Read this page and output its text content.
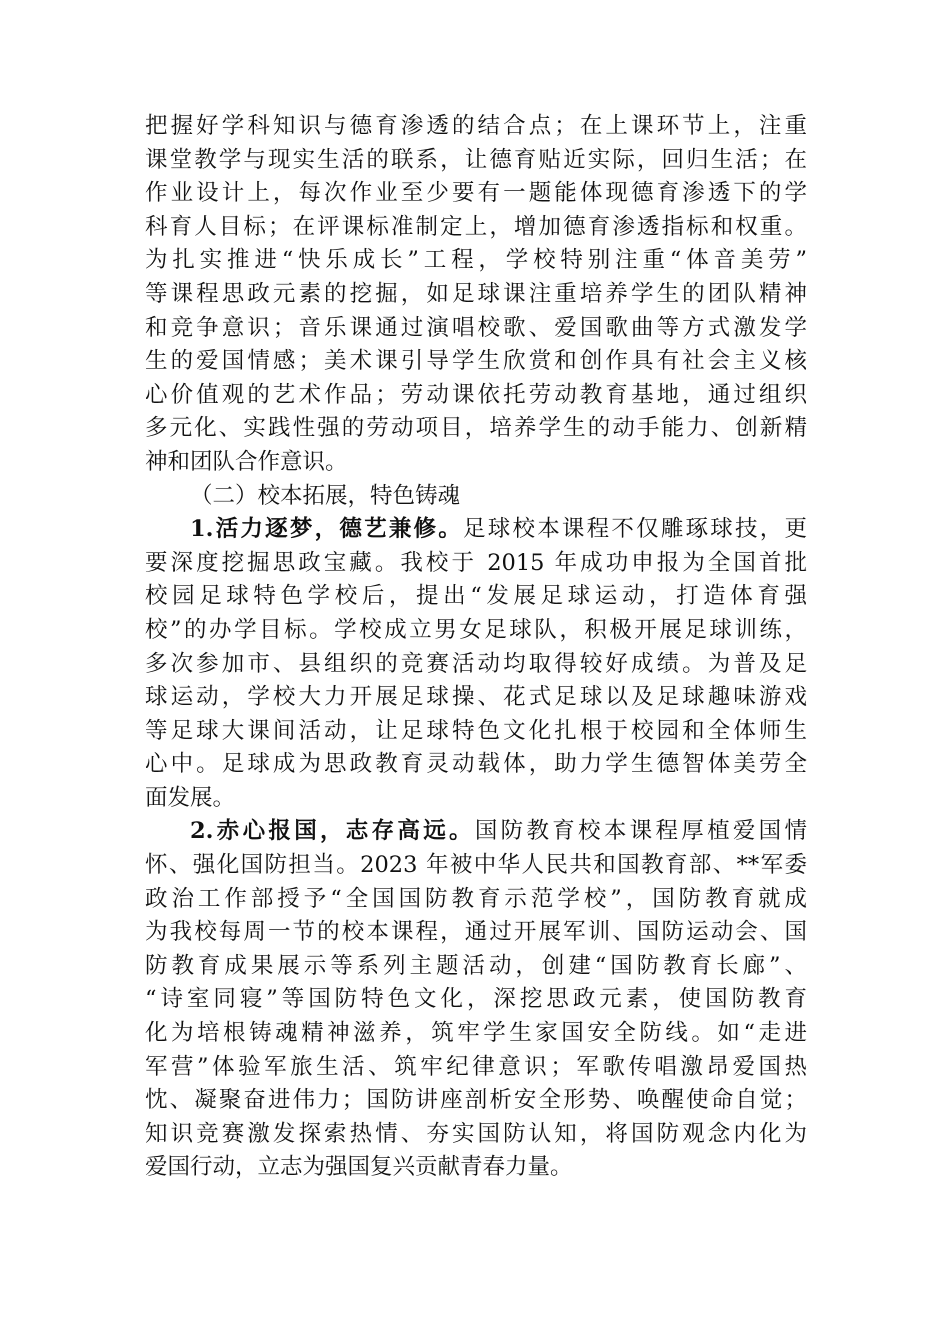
把握好学科知识与德育渗透的结合点；在上课环节上，注重
课堂教学与现实生活的联系，让德育贴近实际，回归生活；在
作业设计上，每次作业至少要有一题能体现德育渗透下的学
科育人目标；在评课标准制定上，增加德育渗透指标和权重。
为扎实推进“快乐成长”工程，学校特别注重“体音美劳”
等课程思政元素的挖掘，如足球课注重培养学生的团队精神
和竞争意识；音乐课通过演唱校歌、爱国歌曲等方式激发学
生的爱国情感；美术课引导学生欣赏和创作具有社会主义核
心价值观的艺术作品；劳动课依托劳动教育基地，通过组织
多元化、实践性强的劳动项目，培养学生的动手能力、创新精
神和团队合作意识。
（二）校本拓展，特色铸魂
1.活力逐梦，德艺兼修。足球校本课程不仅雕琢球技，更
要深度挖掘思政宝藏。我校于 2015 年成功申报为全国首批
校园足球特色学校后，提出“发展足球运动，打造体育强
校”的办学目标。学校成立男女足球队，积极开展足球训练，
多次参加市、县组织的竞赛活动均取得较好成绩。为普及足
球运动，学校大力开展足球操、花式足球以及足球趣味游戏
等足球大课间活动，让足球特色文化扎根于校园和全体师生
心中。足球成为思政教育灵动载体，助力学生德智体美劳全
面发展。
2.赤心报国，志存高远。国防教育校本课程厚植爱国情
怀、强化国防担当。2023 年被中华人民共和国教育部、**军委
政治工作部授予“全国国防教育示范学校”，国防教育就成
为我校每周一节的校本课程，通过开展军训、国防运动会、国
防教育成果展示等系列主题活动，创建“国防教育长廊”、
“诗室同寝”等国防特色文化，深挖思政元素，使国防教育
化为培根铸魂精神滋养，筑牢学生家国安全防线。如“走进
军营”体验军旅生活、筑牢纪律意识；军歌传唱激昂爱国热
忱、凝聚奋进伟力；国防讲座剖析安全形势、唤醒使命自觉；
知识竞赛激发探索热情、夯实国防认知，将国防观念内化为
爱国行动，立志为强国复兴贡献青春力量。
